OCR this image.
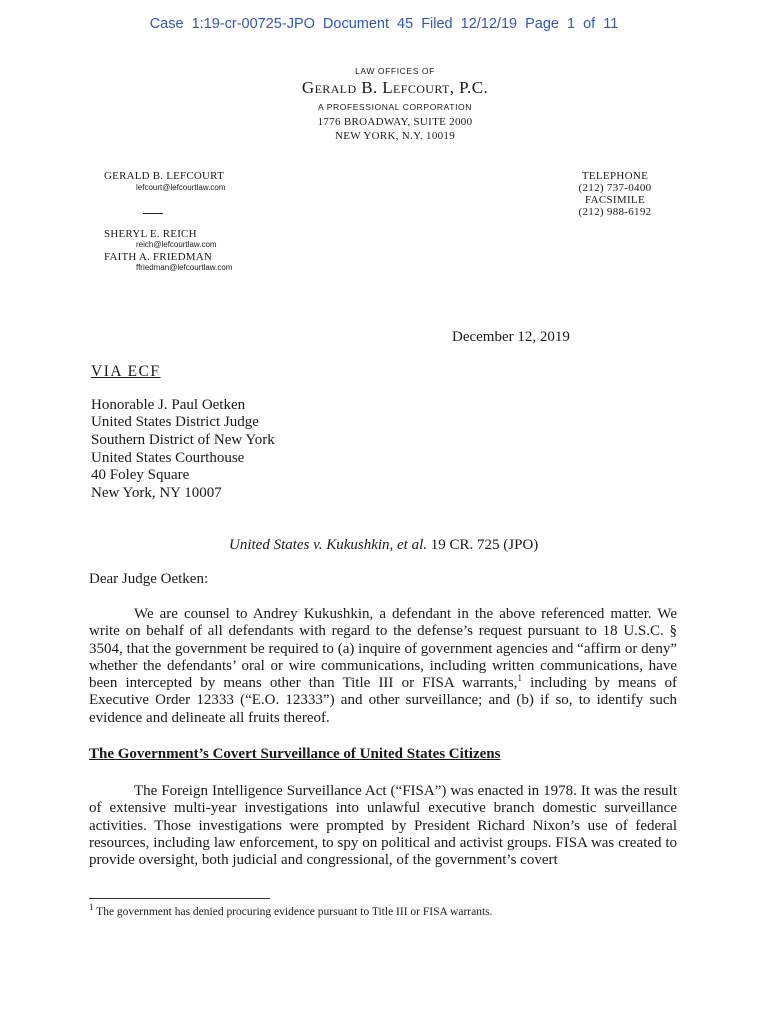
Case 1:19-cr-00725-JPO Document 45 Filed 12/12/19 Page 1 of 11
LAW OFFICES OF
Gerald B. Lefcourt, P.C.
A PROFESSIONAL CORPORATION
1776 BROADWAY, SUITE 2000
NEW YORK, N.Y. 10019
GERALD B. LEFCOURT
lefcourt@lefcourtlaw.com
SHERYL E. REICH
reich@lefcourtlaw.com
FAITH A. FRIEDMAN
ffriedman@lefcourtlaw.com
TELEPHONE
(212) 737-0400
FACSIMILE
(212) 988-6192
December 12, 2019
VIA ECF
Honorable J. Paul Oetken
United States District Judge
Southern District of New York
United States Courthouse
40 Foley Square
New York, NY 10007
United States v. Kukushkin, et al. 19 CR. 725 (JPO)
Dear Judge Oetken:
We are counsel to Andrey Kukushkin, a defendant in the above referenced matter. We write on behalf of all defendants with regard to the defense’s request pursuant to 18 U.S.C. § 3504, that the government be required to (a) inquire of government agencies and “affirm or deny” whether the defendants’ oral or wire communications, including written communications, have been intercepted by means other than Title III or FISA warrants,$^1$ including by means of Executive Order 12333 (“E.O. 12333”) and other surveillance; and (b) if so, to identify such evidence and delineate all fruits thereof.
The Government’s Covert Surveillance of United States Citizens
The Foreign Intelligence Surveillance Act (“FISA”) was enacted in 1978. It was the result of extensive multi-year investigations into unlawful executive branch domestic surveillance activities. Those investigations were prompted by President Richard Nixon’s use of federal resources, including law enforcement, to spy on political and activist groups. FISA was created to provide oversight, both judicial and congressional, of the government’s covert
$^1$ The government has denied procuring evidence pursuant to Title III or FISA warrants.
